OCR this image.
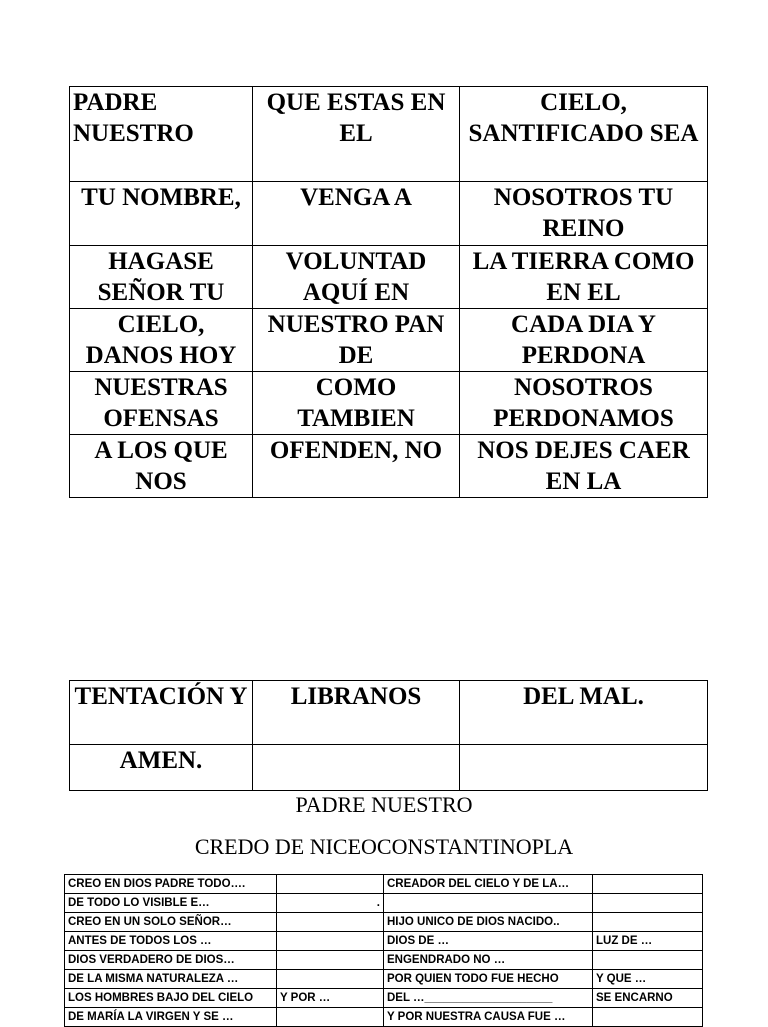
PADRE NUESTRO	QUE ESTAS EN EL	CIELO, SANTIFICADO SEA
TU NOMBRE,	VENGA A	NOSOTROS TU REINO
HAGASE SEÑOR TU	VOLUNTAD AQUÍ EN	LA TIERRA COMO EN EL
CIELO, DANOS HOY	NUESTRO PAN DE	CADA DIA Y PERDONA
NUESTRAS OFENSAS	COMO TAMBIEN	NOSOTROS PERDONAMOS
A LOS QUE NOS	OFENDEN, NO	NOS DEJES CAER EN LA
TENTACIÓN Y	LIBRANOS	DEL MAL.
AMEN.		
PADRE NUESTRO
CREDO DE NICEOCONSTANTINOPLA
CREO EN DIOS PADRE TODO….		CREADOR DEL CIELO Y DE LA…	
DE TODO LO VISIBLE E…	.		
CREO EN UN SOLO SEÑOR…		HIJO UNICO DE DIOS NACIDO..	
ANTES DE TODOS LOS …		DIOS DE …	LUZ DE …
DIOS VERDADERO DE DIOS…		ENGENDRADO NO …	
DE LA MISMA NATURALEZA …		POR QUIEN TODO FUE HECHO	Y QUE …
LOS HOMBRES BAJO DEL CIELO	Y POR …	DEL …____________________	SE ENCARNO
DE MARÍA LA VIRGEN Y SE …		Y POR NUESTRA CAUSA FUE …	
